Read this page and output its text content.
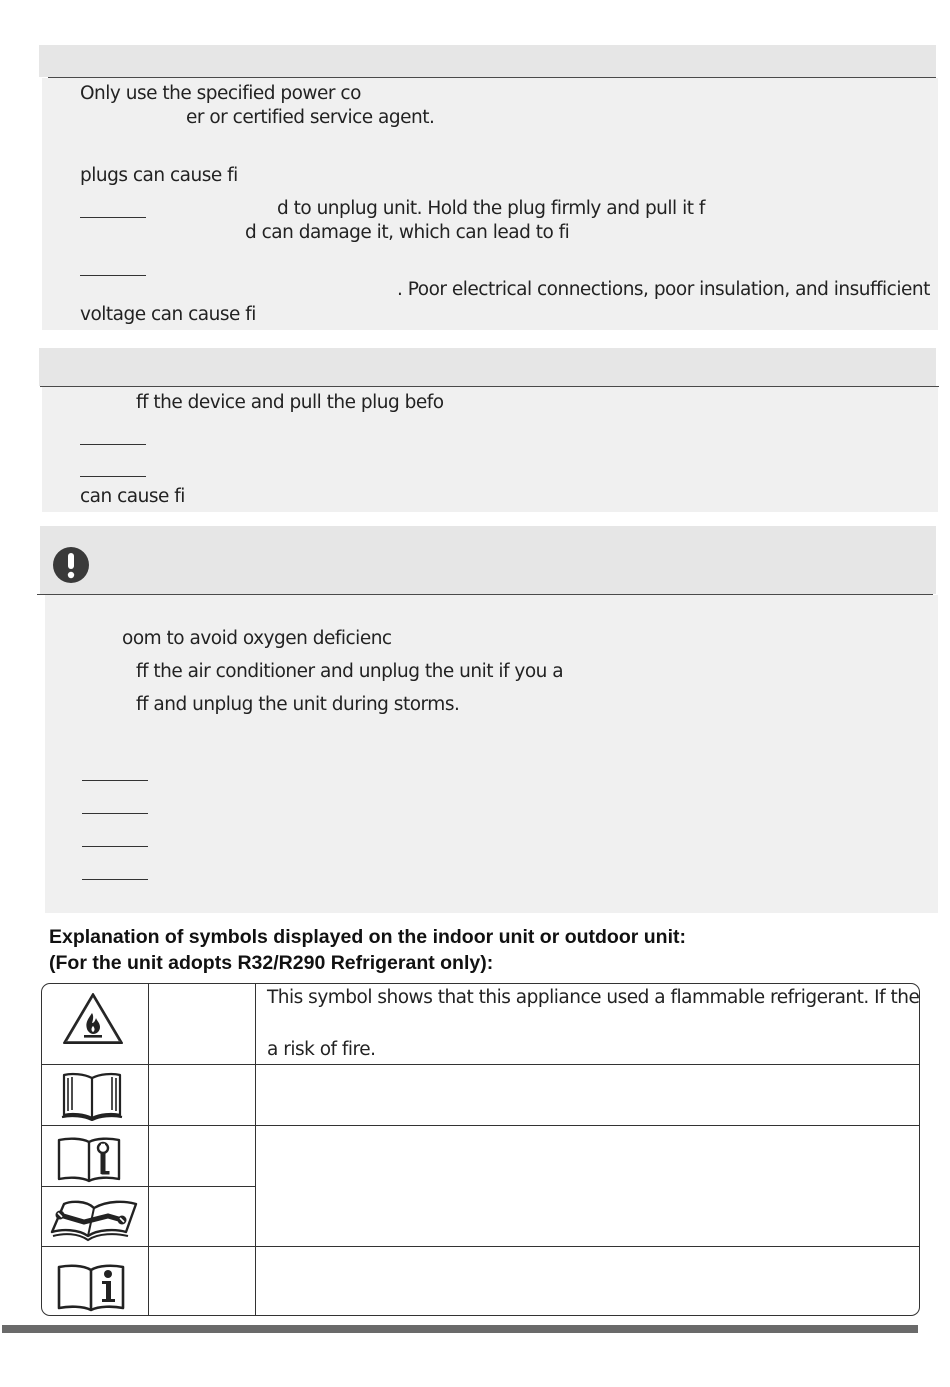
Only use the specified power co
er or certified service agent.
plugs can cause fi
d to unplug unit. Hold the plug firmly and pull it f
d can damage it, which can lead to fi
. Poor electrical connections, poor insulation, and insufficient
voltage can cause fi
ff the device and pull the plug befo
can cause fi
oom to avoid oxygen deficienc
ff the air conditioner and unplug the unit if you a
ff and unplug the unit during storms.
Explanation of symbols displayed on the indoor unit or outdoor unit:
(For the unit adopts R32/R290 Refrigerant only):
This symbol shows that this appliance used a flammable refrigerant. If the
a risk of fire.
